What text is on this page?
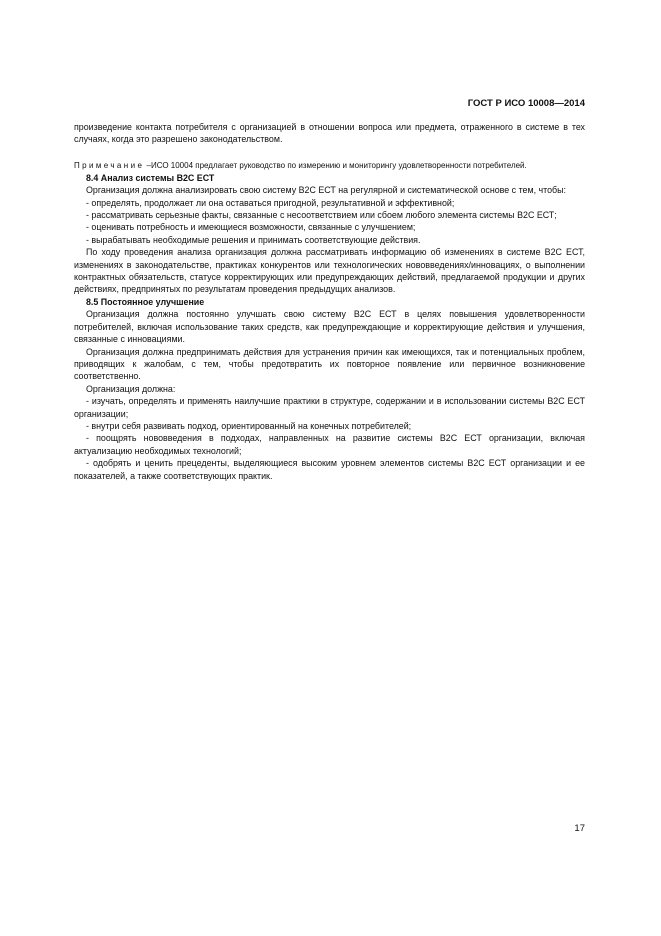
ГОСТ Р ИСО 10008—2014

произведение контакта потребителя с организацией в отношении вопроса или предмета, отраженного в системе в тех случаях, когда это разрешено законодательством.

Примечание –ИСО 10004 предлагает руководство по измерению и мониторингу удовлетворенности потребителей.

8.4 Анализ системы В2С ЕСТ

Организация должна анализировать свою систему В2С ЕСТ на регулярной и систематической основе с тем, чтобы:

- определять, продолжает ли она оставаться пригодной, результативной и эффективной;

- рассматривать серьезные факты, связанные с несоответствием или сбоем любого элемента системы В2С ЕСТ;

- оценивать потребность и имеющиеся возможности, связанные с улучшением;

- вырабатывать необходимые решения и принимать соответствующие действия.

По ходу проведения анализа организация должна рассматривать информацию об изменениях в системе В2С ЕСТ, изменениях в законодательстве, практиках конкурентов или технологических нововведениях/инновациях, о выполнении контрактных обязательств, статусе корректирующих или предупреждающих действий, предлагаемой продукции и других действиях, предпринятых по результатам проведения предыдущих анализов.

8.5 Постоянное улучшение

Организация должна постоянно улучшать свою систему В2С ЕСТ в целях повышения удовлетворенности потребителей, включая использование таких средств, как предупреждающие и корректирующие действия и улучшения, связанные с инновациями.

Организация должна предпринимать действия для устранения причин как имеющихся, так и потенциальных проблем, приводящих к жалобам, с тем, чтобы предотвратить их повторное появление или первичное возникновение соответственно.

Организация должна:

- изучать, определять и применять наилучшие практики в структуре, содержании и в использовании системы В2С ЕСТ организации;

- внутри себя развивать подход, ориентированный на конечных потребителей;

- поощрять нововведения в подходах, направленных на развитие системы В2С ЕСТ организации, включая актуализацию необходимых технологий;

- одобрять и ценить прецеденты, выделяющиеся высоким уровнем элементов системы В2С ЕСТ организации и ее показателей, а также соответствующих практик.

17
